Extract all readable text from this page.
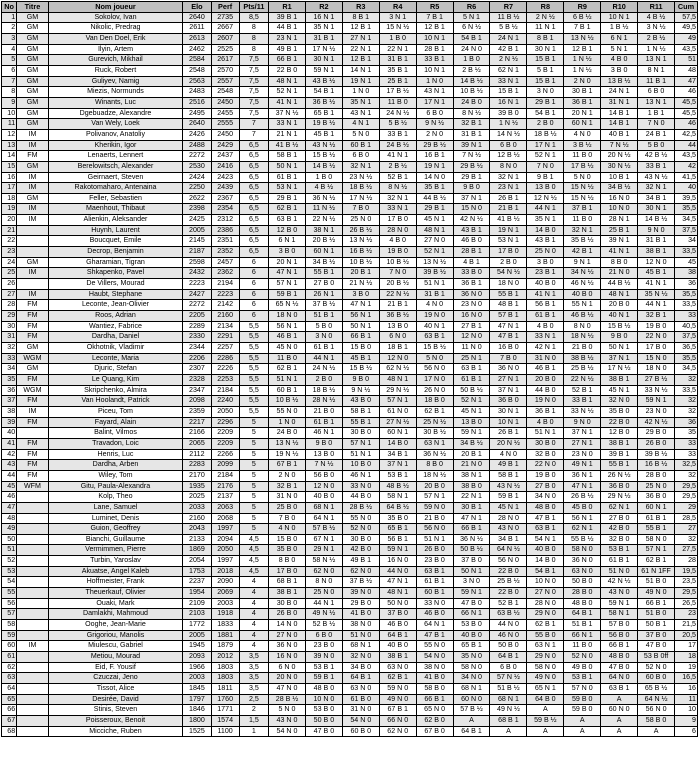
No	Titre	Nom joueur	Elo	Perf	Pts/11	R1	R2	R3	R4	R5	R6	R7	R8	R9	R10	R11	Cum
1	GM	Sokolov, Ivan	2640	2735	8,5	39 B 1	16 N 1	8 B 1	3 N 1	7 B 1	5 N 1	11 B ½	2 N ½	6 B ½	10 N 1	4 B ½	57,5
2	GM	Nikolic, Predrag	2611	2667	8	44 B 1	35 N 1	12 B 1	15 N ½	12 B 1	6 N ½	5 B ½	11 N 1	7 B 1	1 B ½	3 N ½	49,5
3	GM	Van Den Doel, Erik	2613	2607	8	23 N 1	31 B 1	27 N 1	1 B 0	10 N 1	54 B 1	24 N 1	8 B 1	13 N ½	6 N 1	2 B ½	49
4	GM	Ilyin, Artem	2462	2525	8	49 B 1	17 N ½	22 N 1	22 N 1	28 B 1	24 N 0	42 B 1	30 N 1	12 B 1	5 N 1	1 N ½	43,5
5	GM	Gurevich, Mikhail	2584	2617	7,5	66 B 1	30 N 1	12 B 1	31 B 1	33 B 1	1 B 0	2 N ½	15 B 1	1 N ½	4 B 0	13 N 1	51
6	GM	Ruck, Robert	2548	2570	7,5	22 B 0	59 N 1	14 N 1	35 B 1	10 N 1	2 B ½	62 N 1	5 B 1	1 N ½	3 B 0	8 N 1	48
7	GM	Guliyev, Namig	2563	2557	7,5	48 N 1	43 B ½	19 N 1	25 B 1	1 N 0	14 B ½	33 N 1	15 B 1	2 N 0	13 B ½	11 B 1	47
8	GM	Miezis, Normunds	2483	2548	7,5	52 N 1	54 B 1	1 N 0	17 B ½	43 N 1	10 B ½	15 B 1	3 N 0	30 B 1	24 N 1	6 B 0	46
9	GM	Winants, Luc	2516	2450	7,5	41 N 1	36 B ½	35 N 1	11 B 0	17 N 1	24 B 0	16 N 1	29 B 1	36 B 1	31 N 1	13 N 1	45,5
10	GM	Dgebuadze, Alexandre	2495	2455	7,5	37 N ½	65 B 1	43 N 1	24 N ½	6 B 0	8 N ½	39 B 0	54 B 1	20 N 1	14 B 1	1 B 1	45,5
11	GM	Van Wely, Loek	2640	2555	7	33 N 1	19 B ½	4 N 1	5 B ½	9 N ½	32 B 1	1 N ½	2 B 0	60 N 1	14 B 1	7 N 0	46
12	IM	Polivanov, Anatoliy	2426	2450	7	21 N 1	45 B 1	5 N 0	33 B 1	2 N 0	31 B 1	14 N ½	18 B ½	4 N 0	40 B 1	24 B 1	42,5
13	IM	Kherikin, Igor	2488	2429	6,5	41 B ½	43 N ½	60 B 1	24 B ½	29 B ½	39 N 1	6 B 0	17 N 1	3 B ½	7 N ½	5 B 0	44
14	FM	Lenaerts, Lennert	2272	2437	6,5	58 B 1	15 B ½	6 B 0	41 N 1	16 B 1	7 N ½	12 B ½	52 N 1	11 B 0	20 N ½	42 B ½	43,5
15	GM	Berelowitsch, Alexander	2530	2416	6,5	50 N 1	14 B ½	32 N 1	2 B ½	19 N 1	29 B ½	8 N 0	7 N 0	17 B ½	30 N ½	33 B 1	42
16	IM	Geirnaert, Steven	2424	2423	6,5	61 B 1	1 B 0	23 N ½	52 B 1	14 N 0	29 B 1	32 N 1	9 B 1	5 N 0	10 B 1	43 N ½	41,5
17	IM	Rakotomaharo, Antenaina	2250	2439	6,5	53 N 1	4 B ½	18 B ½	8 N ½	35 B 1	9 B 0	23 N 1	13 B 0	15 N ½	34 B ½	32 N 1	40
18	GM	Feller, Sebastien	2622	2367	6,5	29 B 1	36 N ½	17 N ½	32 N 1	44 B ½	37 N 1	26 B 1	12 N ½	15 N ½	16 N 0	34 B 1	39,5
19	IM	Maenhout, Thibaut	2398	2354	6,5	62 B 1	11 N ½	7 B 0	33 N 1	29 B 1	15 N 0	21 B 1	44 N 1	37 B 1	10 N 0	30 N 1	35,5
20	IM	Alienkin, Aleksander	2425	2312	6,5	63 B 1	22 N ½	25 N 0	17 B 0	45 N 1	42 N ½	41 B ½	35 N 1	11 B 0	28 N 1	14 B ½	34,5
21		Huynh, Laurent	2005	2386	6,5	12 B 0	38 N 1	26 B ½	28 N 0	48 N 1	43 B 1	19 N 1	14 B 0	32 N 1	25 B 1	9 N 0	37,5
22		Boucquet, Emile	2145	2351	6,5	6 N 1	20 B ½	13 N ½	4 B 0	27 N 0	46 B 0	53 N 1	43 B 1	35 B ½	39 N 1	31 B 1	34
23		Decrop, Benjamin	2187	2352	6,5	3 B 0	60 N 1	16 B ½	19 B 0	52 N 1	28 B 1	17 B 0	25 N 0	42 B 1	41 N 1	38 B 1	33,5
24	GM	Gharamian, Tigran	2598	2457	6	20 N 1	34 B ½	10 B ½	10 B ½	13 N ½	4 B 1	2 B 0	3 B 0	9 N 1	8 B 0	12 N 0	45
25	IM	Shkapenko, Pavel	2432	2362	6	47 N 1	55 B 1	20 B 1	7 N 0	39 B ½	33 B 0	54 N ½	23 B 1	34 N ½	21 N 0	45 B 1	38
26		De Villers, Mourad	2223	2194	6	57 N 1	27 B 0	21 N ½	20 B ½	51 N 1	36 B 1	18 N 0	40 B 0	46 N ½	44 B ½	41 N 1	36
27	IM	Haubt, Stephane	2427	2223	6	59 B 1	26 N 1	3 B 0	22 N ½	31 B 1	36 N 0	55 B 1	41 N 1	40 B 0	48 N 1	35 N ½	35,5
28	FM	Leconte, Jean-Olivier	2272	2142	6	65 N ½	37 B ½	47 N 1	21 B 1	4 N 0	23 N 0	48 B 1	56 B 1	55 N 1	20 B 0	44 N 1	33,5
29	FM	Roos, Adrian	2205	2160	6	18 N 0	51 B 1	56 N 1	36 B ½	19 N 0	16 N 0	57 B 1	61 B 1	46 B ½	40 N 1	32 B 1	33
30	FM	Wantiez, Fabrice	2289	2134	5,5	56 N 1	5 B 0	50 N 1	13 B 0	40 N 1	27 B 1	47 N 1	4 B 0	8 N 0	15 B ½	19 B 0	40,5
31	FM	Dardha, Daniel	2330	2291	5,5	46 B 1	3 N 0	66 B 1	6 N 0	63 B 1	12 N 0	47 B 1	33 N 1	18 N ½	9 B 0	22 N 0	37,5
32	GM	Okhotnik, Vladimir	2344	2257	5,5	45 N 0	61 B 1	15 B 0	18 B 1	15 B ½	11 N 0	16 B 0	42 N 1	21 B 0	50 N 1	17 B 0	36,5
33	WGM	Leconte, Maria	2206	2286	5,5	11 B 0	44 N 1	45 B 1	12 N 0	5 N 0	25 N 1	7 B 0	31 N 0	38 B ½	37 N 1	15 N 0	35,5
34	GM	Djuric, Stefan	2307	2226	5,5	62 B 1	24 N ½	15 B ½	62 N ½	56 N 0	63 B 1	36 N 0	46 B 1	25 B ½	17 N ½	18 N 0	34,5
35	FM	Le Quang, Kim	2328	2253	5,5	51 N 1	2 B 0	9 B 0	48 N 1	17 N 0	61 B 1	27 N 1	20 B 0	22 N ½	38 B 1	27 B ½	32
36	WGM	Skripchenko, Almira	2347	2184	5,5	60 B 1	18 B ½	9 N ½	29 N ½	26 N 0	50 B ½	37 N 1	44 B 0	52 B 1	45 N 1	33 N ½	33,5
37	FM	Van Hoolandt, Patrick	2098	2240	5,5	10 B ½	28 N ½	43 B 0	57 N 1	18 B 0	52 N 1	36 B 0	19 N 0	33 B 1	32 N 0	59 N 1	32
38	IM	Piceu, Tom	2359	2050	5,5	55 N 0	21 B 0	58 B 1	61 N 0	62 B 1	45 N 1	30 N 1	36 B 1	33 N ½	35 B 0	23 N 0	32
39	FM	Fayard, Alain	2217	2296	5	1 N 0	61 B 1	55 B 1	27 N ½	25 N ½	13 B 0	10 N 1	4 B 0	9 N 0	22 B 0	42 N ½	36
40		Balint, Vilmos	2166	2209	5	24 B 0	46 N 1	30 B 0	60 N 1	30 B ½	59 N 1	26 B 1	51 N 1	37 N 1	12 B 0	29 B 0	35
41	FM	Travadon, Loic	2065	2209	5	13 N ½	9 B 0	57 N 1	14 B 0	63 N 1	34 B ½	20 N ½	30 B 0	27 N 1	38 B 1	26 B 0	33
42	FM	Henris, Luc	2112	2266	5	19 N ½	13 B 0	51 N 1	34 B 1	36 N ½	20 B 1	4 N 0	32 B 0	23 N 0	39 B 1	39 B ½	33
43	FM	Dardha, Arben	2283	2099	5	67 B 1	7 N ½	10 B 0	37 N 1	8 B 0	21 N 0	49 B 1	22 N 0	49 N 1	55 B 1	16 B ½	32,5
44	FM	Wiley, Tom	2170	2184	5	2 N 0	56 B 0	46 N 1	53 B 1	18 N ½	38 N 1	58 B 1	19 B 0	36 N 1	26 N ½	28 B 0	32
45	WFM	Gitu, Paula-Alexandra	1935	2176	5	32 B 1	12 N 0	33 N 0	48 B ½	20 B 0	38 B 0	43 N ½	27 B 0	47 N 1	36 B 0	25 N 0	29,5
46		Kolp, Theo	2025	2137	5	31 N 0	40 B 0	44 B 0	58 N 1	57 N 1	22 N 1	59 B 1	34 N 0	26 B ½	29 N ½	36 B 0	29,5
47		Lane, Samuel	2033	2063	5	25 B 0	68 N 1	28 B ½	64 B ½	59 N 0	30 B 1	45 N 1	48 B 0	45 B 0	62 N 1	60 N 1	29
48		Luminet, Denis	2160	2068	5	7 B 0	64 N 1	55 N 0	35 B 0	21 B 0	47 N 1	28 N 0	47 B 1	56 N 1	27 B 0	61 B 1	28,5
49		Guion, Geoffrey	2043	1997	5	4 N 0	57 B ½	52 N 0	65 B 1	56 N 0	66 B 1	43 N 0	63 B 1	62 N 1	42 B 0	55 B 1	27
50		Bianchi, Guillaume	2133	2094	4,5	15 B 0	67 N 1	30 B 0	56 B 1	51 N 1	36 N ½	34 B 1	54 N 1	55 B ½	32 B 0	58 N 0	32
51		Vermimmen, Pierre	1869	2050	4,5	35 B 0	29 N 1	42 B 0	59 N 1	26 B 0	50 B ½	64 N ½	40 B 0	58 N 0	53 B 1	57 N 1	27,5
52		Turbin, Yaroslav	2054	1997	4,5	8 B 0	58 N ½	49 B 1	16 N 0	23 B 0	37 B 0	56 N 0	14 B 0	36 N 0	61 B 1	62 B 1	28
53		Akuatse, Angel Kaleb	1753	2018	4,5	17 B 0	62 N 0	62 N 0	44 N 0	63 B 1	50 N 1	22 B 0	54 B 1	63 N 0	51 N 0	61 N 1FF	19,5
54		Hoffmeister, Frank	2237	2090	4	68 B 1	8 N 0	37 B ½	47 N 1	61 B 1	3 N 0	25 B ½	10 N 0	50 B 0	42 N ½	51 B 0	23,5
55		Theuerkauf, Olivier	1954	2069	4	38 B 1	25 N 0	39 N 0	48 N 1	60 B 1	59 N 1	22 B 0	27 N 0	28 B 0	43 N 0	49 N 0	29,5
56		Ouaki, Mark	2109	2003	4	30 B 0	44 N 1	29 B 0	50 N 0	33 N 0	47 B 0	52 B 1	28 N 0	48 B 0	59 N 1	66 B 1	26,5
57		Damlakhi, Mahmoud	2103	1918	4	26 B 0	49 N ½	41 B 0	37 B 0	46 B 0	66 N 1	63 B ½	29 N 0	64 B 1	58 N 1	51 B 0	23
58		Ooghe, Jean-Marie	1772	1833	4	14 N 0	52 B ½	38 N 0	46 B 0	64 N 1	53 B 0	44 N 0	62 B 1	51 B 1	57 B 0	50 B 1	21,5
59		Grigoriou, Manolis	2005	1881	4	27 N 0	6 B 0	51 N 0	64 B 1	47 B 1	40 B 0	46 N 0	55 B 0	66 N 1	56 B 0	37 B 0	20,5
60	IM	Miulescu, Gabriel	1945	1879	4	36 N 0	23 B 0	68 N 1	40 B 0	55 N 0	65 B 1	50 B 0	63 N 1	11 B 0	66 B 1	47 B 0	17
61		Metiou, Mourad	2093	2012	3,5	16 N 0	39 N 0	32 N 0	38 B 1	54 N 0	35 N 0	64 B 1	29 N 0	52 N 0	48 B 0	53 B 0ff	18
62		Eid, F. Yousif	1966	1803	3,5	6 N 0	53 B 1	34 B 0	63 N 0	38 N 0	58 N 0	6 B 0	58 N 0	49 B 0	47 B 0	52 N 0	19
63		Czuczai, Jeno	2003	1803	3,5	20 N 0	59 B 1	64 B 1	62 B 1	41 B 0	34 N 0	57 N ½	49 N 0	53 B 1	64 N 0	60 B 0	16,5
64		Tissot, Alice	1845	1811	3,5	47 N 0	48 B 0	63 N 0	59 N 0	58 B 0	68 N 1	51 B ½	65 N 1	57 N 0	63 B 1	65 B ½	16
65		Desirée, David	1797	1760	2,5	28 B ½	10 N 0	61 B 0	49 N 0	66 B 1	60 N 0	68 N 1	64 B 0	59 B 0	A	64 N ½	11
66		Stinis, Steven	1846	1771	2	5 N 0	53 B 0	31 N 0	67 B 1	65 N 0	57 B ½	49 N ½	A	59 B 0	60 N 0	56 N 0	10
67		Poisseroux, Benoit	1800	1574	1,5	43 N 0	50 B 0	54 N 0	66 N 0	62 B 0	A	68 B 1	59 B ½	A	A	58 B 0	9
68		Micciche, Ruben	1525	1100	1	54 N 0	47 B 0	60 B 0	62 N 0	67 B 0	64 B 1	A	A	A	A	A	6
